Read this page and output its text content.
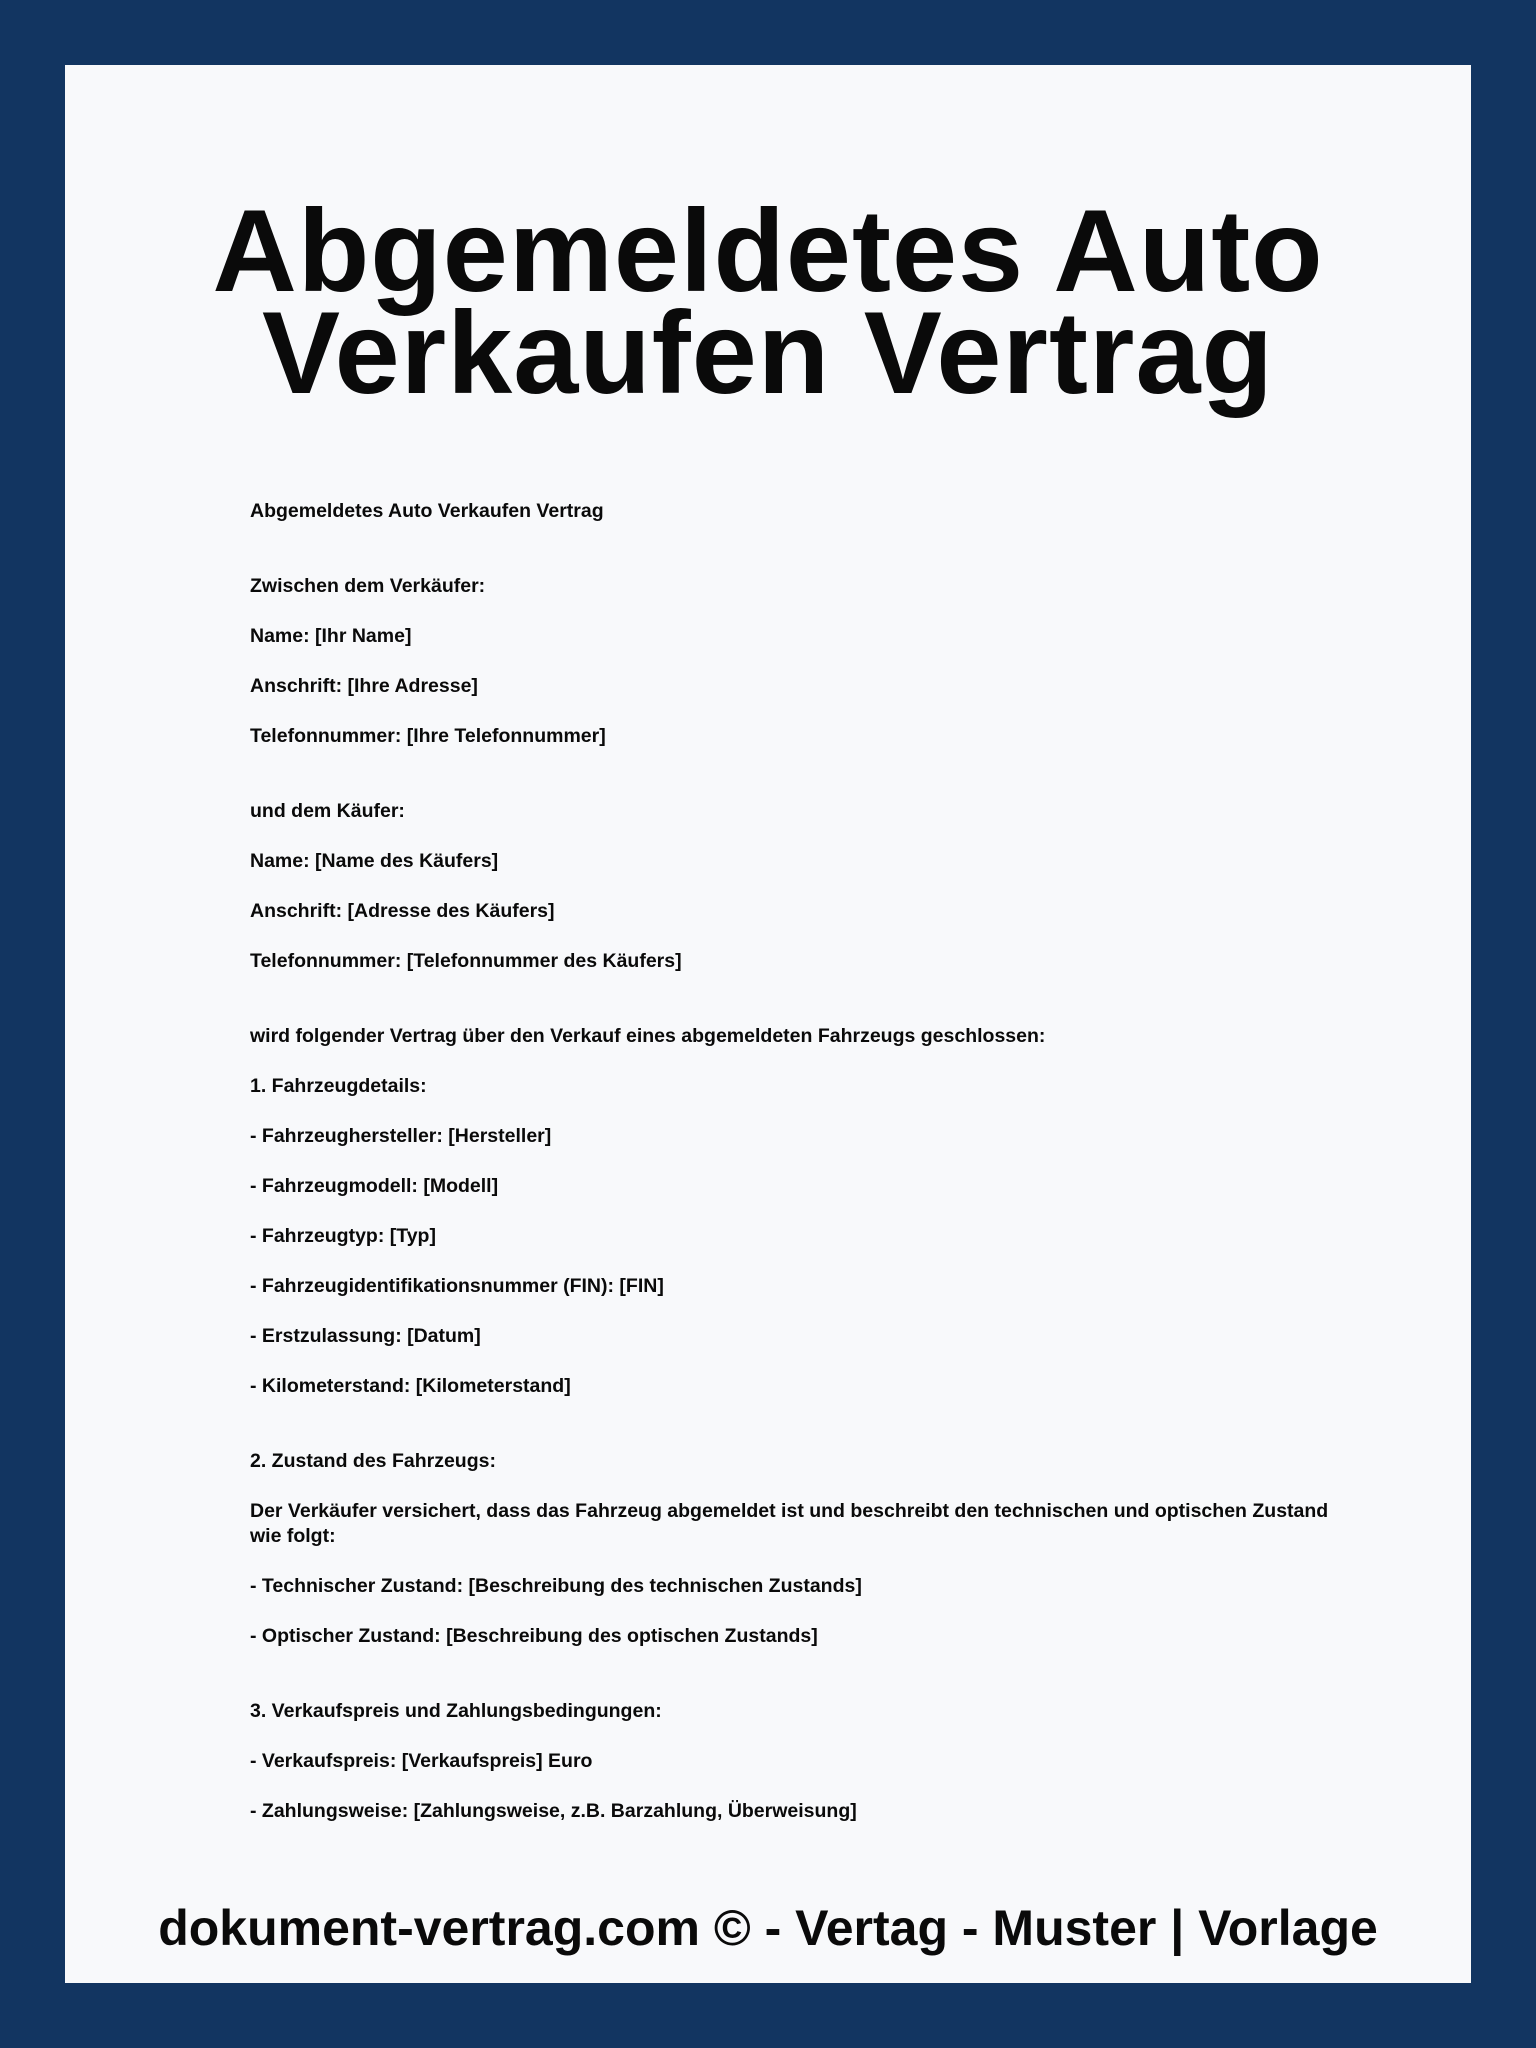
Abgemeldetes Auto
Verkaufen Vertrag

Abgemeldetes Auto Verkaufen Vertrag

Zwischen dem Verkäufer:

Name: [Ihr Name]

Anschrift: [Ihre Adresse]

Telefonnummer: [Ihre Telefonnummer]

und dem Käufer:

Name: [Name des Käufers]

Anschrift: [Adresse des Käufers]

Telefonnummer: [Telefonnummer des Käufers]

wird folgender Vertrag über den Verkauf eines abgemeldeten Fahrzeugs geschlossen:

1. Fahrzeugdetails:

- Fahrzeughersteller: [Hersteller]

- Fahrzeugmodell: [Modell]

- Fahrzeugtyp: [Typ]

- Fahrzeugidentifikationsnummer (FIN): [FIN]

- Erstzulassung: [Datum]

- Kilometerstand: [Kilometerstand]

2. Zustand des Fahrzeugs:

Der Verkäufer versichert, dass das Fahrzeug abgemeldet ist und beschreibt den technischen und optischen Zustand wie folgt:

- Technischer Zustand: [Beschreibung des technischen Zustands]

- Optischer Zustand: [Beschreibung des optischen Zustands]

3. Verkaufspreis und Zahlungsbedingungen:

- Verkaufspreis: [Verkaufspreis] Euro

- Zahlungsweise: [Zahlungsweise, z.B. Barzahlung, Überweisung]

dokument-vertrag.com © - Vertag - Muster | Vorlage
